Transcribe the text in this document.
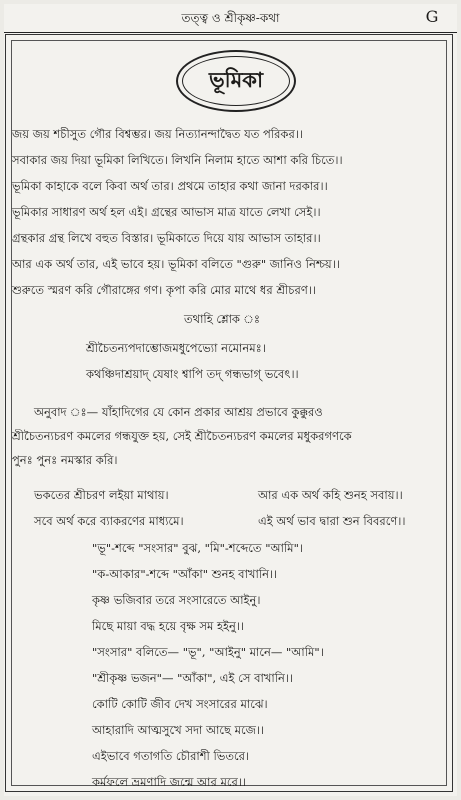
তত্ত্ব ও শ্রীকৃষ্ণ-কথা	G
ভূমিকা
জয় জয় শচীসুত গৌর বিশ্বম্ভর। জয় নিত্যানন্দাদ্বৈত যত পরিকর।।
সবাকার জয় দিয়া ভূমিকা লিখিতে। লিখনি নিলাম হাতে আশা করি চিতে।।
ভূমিকা কাহাকে বলে কিবা অর্থ তার। প্রথমে তাহার কথা জানা দরকার।।
ভূমিকার সাধারণ অর্থ হল এই। গ্রন্থের আভাস মাত্র যাতে লেখা সেই।।
গ্রন্থকার গ্রন্থ লিখে বহুত বিস্তার। ভূমিকাতে দিয়ে যায় আভাস তাহার।।
আর এক অর্থ তার, এই ভাবে হয়। ভূমিকা বলিতে "গুরু" জানিও নিশ্চয়।।
শুরুতে স্মরণ করি গৌরাঙ্গের গণ। কৃপা করি মোর মাথে ধর শ্রীচরণ।।
তথাহি শ্লোক ঃ
শ্রীচৈতন্যপদাম্ভোজমধুপেভ্যো নমোনমঃ।
কথঞ্চিদাশ্রয়াদ্ যেষাং শ্বাপি তদ্ গন্ধভাগ্ ভবেৎ।।
অনুবাদ ঃ— যাঁহাদিগের যে কোন প্রকার আশ্রয় প্রভাবে কুক্কুরও
শ্রীচৈতন্যচরণ কমলের গন্ধযুক্ত হয়, সেই শ্রীচৈতন্যচরণ কমলের মধুকরগণকে
পুনঃ পুনঃ নমস্কার করি।
ভকতের শ্রীচরণ লইয়া মাথায়।	আর এক অর্থ কহি শুনহ সবায়।।
সবে অর্থ করে ব্যাকরণের মাধ্যমে।	এই অর্থ ভাব দ্বারা শুন বিবরণে।।
"ভূ"-শব্দে "সংসার" বুঝ, "মি"-শব্দেতে "আমি"।
"ক-আকার"-শব্দে "আঁকা" শুনহ বাখানি।।
কৃষ্ণ ভজিবার তরে সংসারেতে আইনু।
মিছে মায়া বদ্ধ হয়ে বৃক্ষ সম হইনু।।
"সংসার" বলিতে— "ভূ", "আইনু" মানে— "আমি"।
"শ্রীকৃষ্ণ ভজন"— "আঁকা", এই সে বাখানি।।
কোটি কোটি জীব দেখ সংসারের মাঝে।
আহারাদি আত্মসুখে সদা আছে মজে।।
এইভাবে গতাগতি চৌরাশী ভিতরে।
কর্মফলে ভ্রমণাদি জন্মে আর মরে।।
